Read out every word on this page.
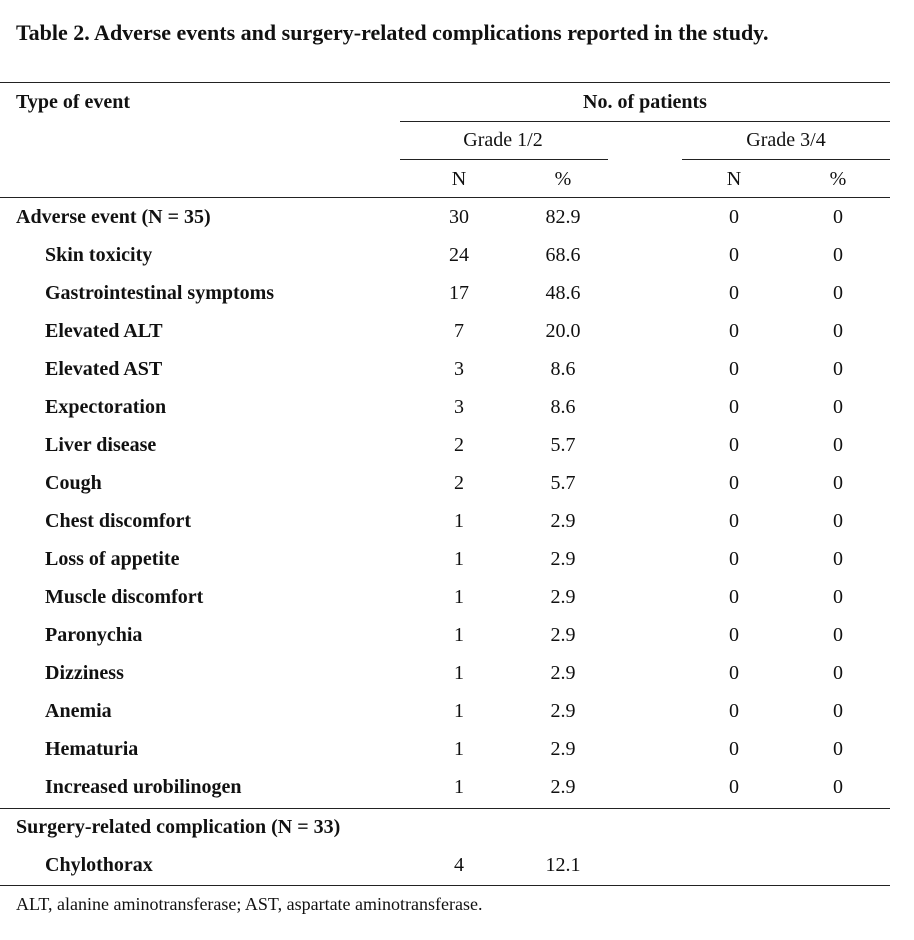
Table 2. Adverse events and surgery-related complications reported in the study.
Type of event	No. of patients
Grade 1/2	Grade 3/4
N	%	N	%
Adverse event (N = 35)	30	82.9	0	0
Skin toxicity	24	68.6	0	0
Gastrointestinal symptoms	17	48.6	0	0
Elevated ALT	7	20.0	0	0
Elevated AST	3	8.6	0	0
Expectoration	3	8.6	0	0
Liver disease	2	5.7	0	0
Cough	2	5.7	0	0
Chest discomfort	1	2.9	0	0
Loss of appetite	1	2.9	0	0
Muscle discomfort	1	2.9	0	0
Paronychia	1	2.9	0	0
Dizziness	1	2.9	0	0
Anemia	1	2.9	0	0
Hematuria	1	2.9	0	0
Increased urobilinogen	1	2.9	0	0
Surgery-related complication (N = 33)
Chylothorax	4	12.1
ALT, alanine aminotransferase; AST, aspartate aminotransferase.
